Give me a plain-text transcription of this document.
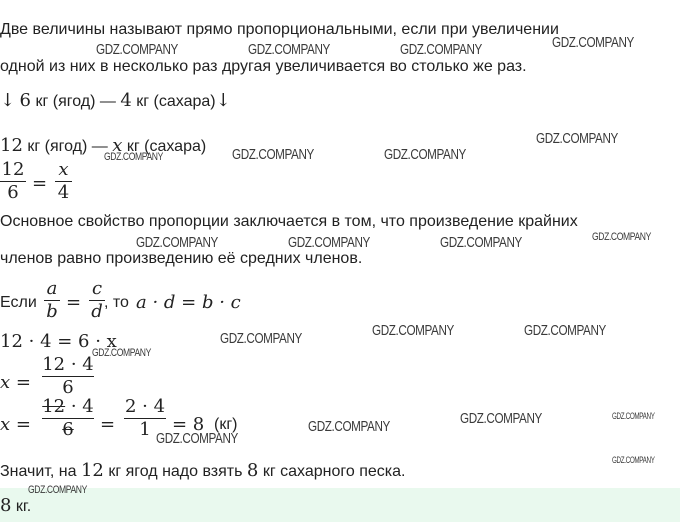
Две величины называют прямо пропорциональными, если при увеличении
одной из них в несколько раз другая увеличивается во столько же раз.
↓ 6 кг (ягод) — 4 кг (сахара)↓
12 кг (ягод) — x кг (сахара)
12
6 =
x
4
Основное свойство пропорции заключается в том, что произведение крайних
членов равно произведению её средних членов.
Если
a
b =
c
d , то a · d = b · c
12 · 4 = 6 · x
x =
12 · 4
6
x =
12 · 4
6	=
2 · 4
1	= 8 (кг)
Значит, на 12 кг ягод надо взять 8 кг сахарного песка.
8 кг.
GDZ.COMPANY	GDZ.COMPANY	GDZ.COMPANY	GDZ.COMPANY
GDZ.COMPANY
GDZ.COMPANY	GDZ.COMPANY	GDZ.COMPANY
GDZ.COMPANY	GDZ.COMPANY	GDZ.COMPANY	GDZ.COMPANY
GDZ.COMPANY	GDZ.COMPANY	GDZ.COMPANY
GDZ.COMPANY
GDZ.COMPANY	GDZ.COMPANY	GDZ.COMPANY
GDZ.COMPANY
GDZ.COMPANY
GDZ.COMPANY
